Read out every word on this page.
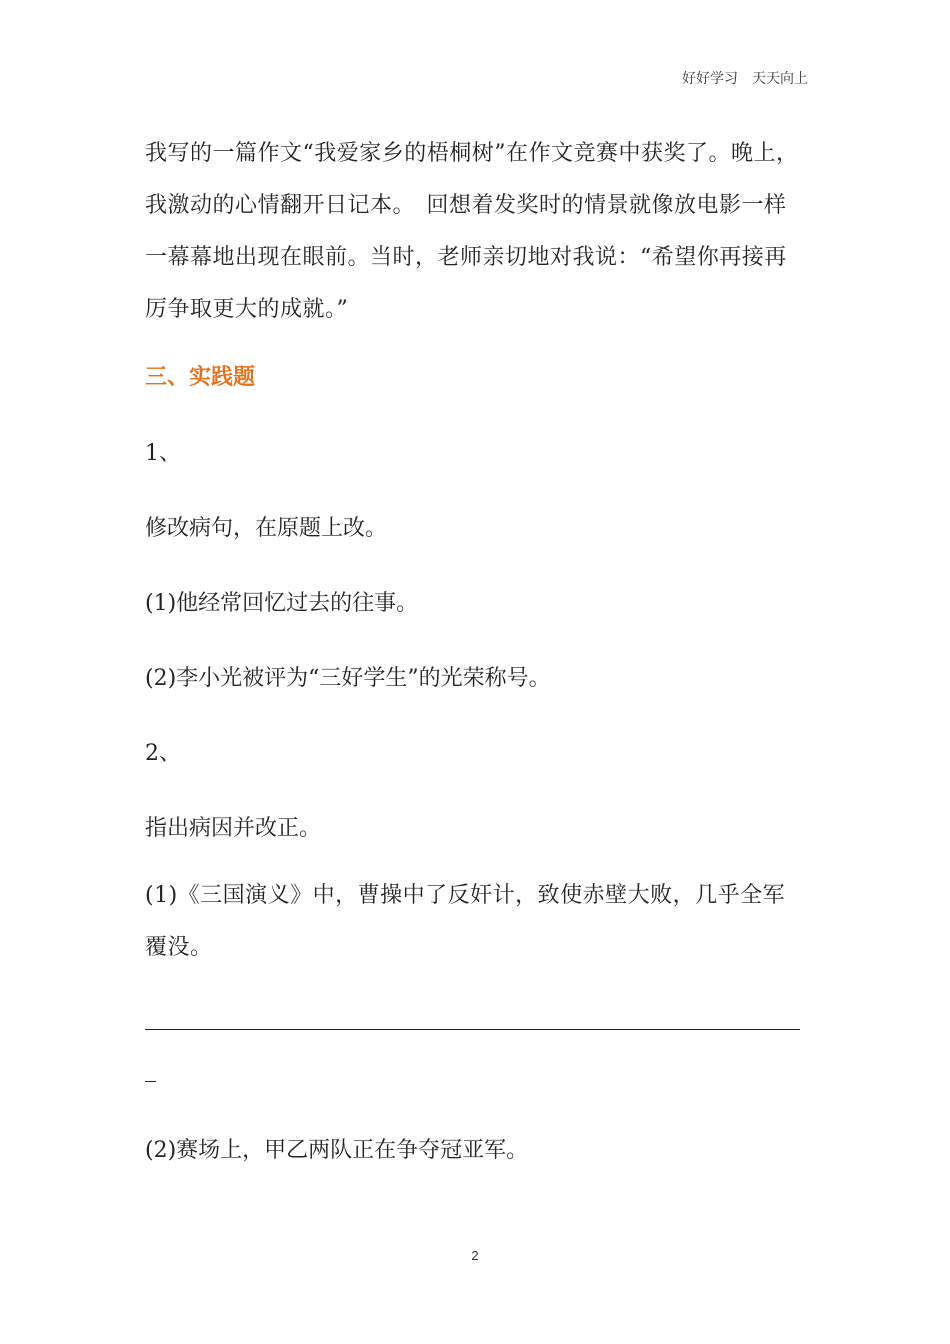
好好学习　天天向上

我写的一篇作文“我爱家乡的梧桐树”在作文竞赛中获奖了。晚上，我激动的心情翻开日记本。　回想着发奖时的情景就像放电影一样一幕幕地出现在眼前。当时，老师亲切地对我说：“希望你再接再厉争取更大的成就。”

三、实践题

1、

修改病句，在原题上改。

(1)他经常回忆过去的往事。

(2)李小光被评为“三好学生”的光荣称号。

2、

指出病因并改正。

(1)《三国演义》中，曹操中了反奸计，致使赤壁大败，几乎全军覆没。

(2)赛场上，甲乙两队正在争夺冠亚军。

2
